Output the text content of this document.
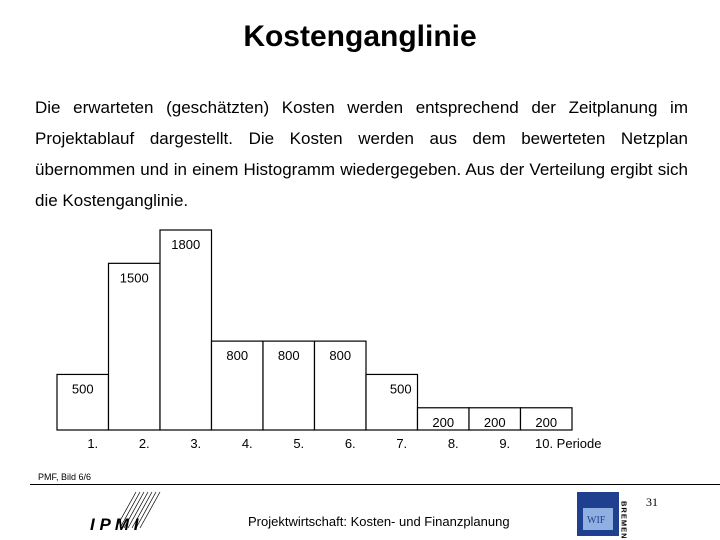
Kostenganglinie
Die erwarteten (geschätzten) Kosten werden entsprechend der Zeitplanung im Projektablauf dargestellt. Die Kosten werden aus dem bewerteten Netzplan übernommen und in einem Histogramm wiedergegeben. Aus der Verteilung ergibt sich die Kostenganglinie.
500
1500
1800
800 800 800
500
200 200 200
1.	2.	3.	4.	5.	6.	7.	8.	9. 10. Periode
PMF, Bild 6/6
Projektwirtschaft: Kosten- und Finanzplanung
31
I P M I	WIF BREMEN
